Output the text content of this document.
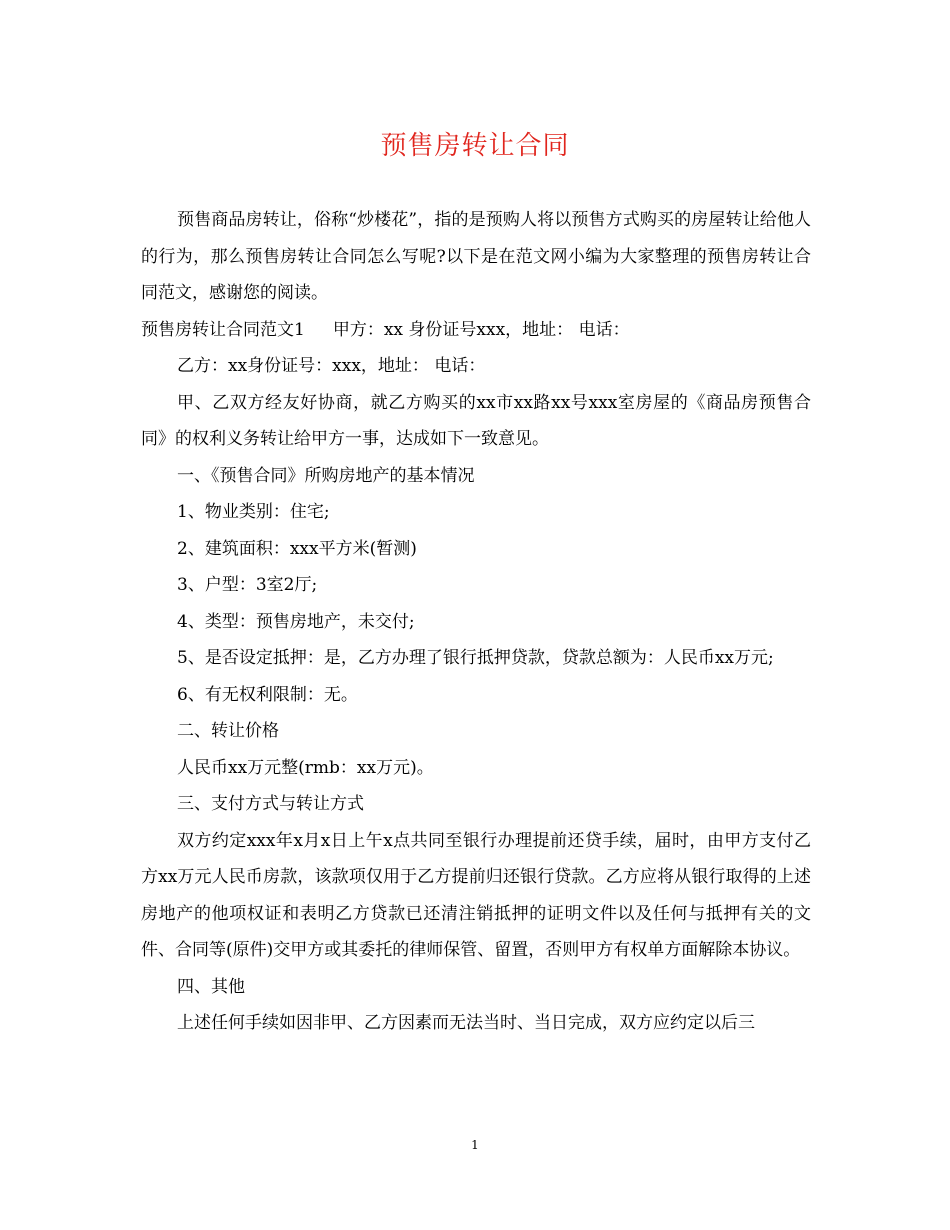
预售房转让合同

预售商品房转让，俗称“炒楼花”，指的是预购人将以预售方式购买的房屋转让给他人的行为，那么预售房转让合同怎么写呢?以下是在范文网小编为大家整理的预售房转让合同范文，感谢您的阅读。

预售房转让合同范文1 甲方：xx 身份证号xxx，地址： 电话：

乙方：xx身份证号：xxx，地址： 电话：

甲、乙双方经友好协商，就乙方购买的xx市xx路xx号xxx室房屋的《商品房预售合同》的权利义务转让给甲方一事，达成如下一致意见。

一、《预售合同》所购房地产的基本情况

1、物业类别：住宅;

2、建筑面积：xxx平方米(暂测)

3、户型：3室2厅;

4、类型：预售房地产，未交付;

5、是否设定抵押：是，乙方办理了银行抵押贷款，贷款总额为：人民币xx万元;

6、有无权利限制：无。

二、转让价格

人民币xx万元整(rmb：xx万元)。

三、支付方式与转让方式

双方约定xxx年x月x日上午x点共同至银行办理提前还贷手续，届时，由甲方支付乙方xx万元人民币房款，该款项仅用于乙方提前归还银行贷款。乙方应将从银行取得的上述房地产的他项权证和表明乙方贷款已还清注销抵押的证明文件以及任何与抵押有关的文件、合同等(原件)交甲方或其委托的律师保管、留置，否则甲方有权单方面解除本协议。

四、其他

上述任何手续如因非甲、乙方因素而无法当时、当日完成，双方应约定以后三

1
